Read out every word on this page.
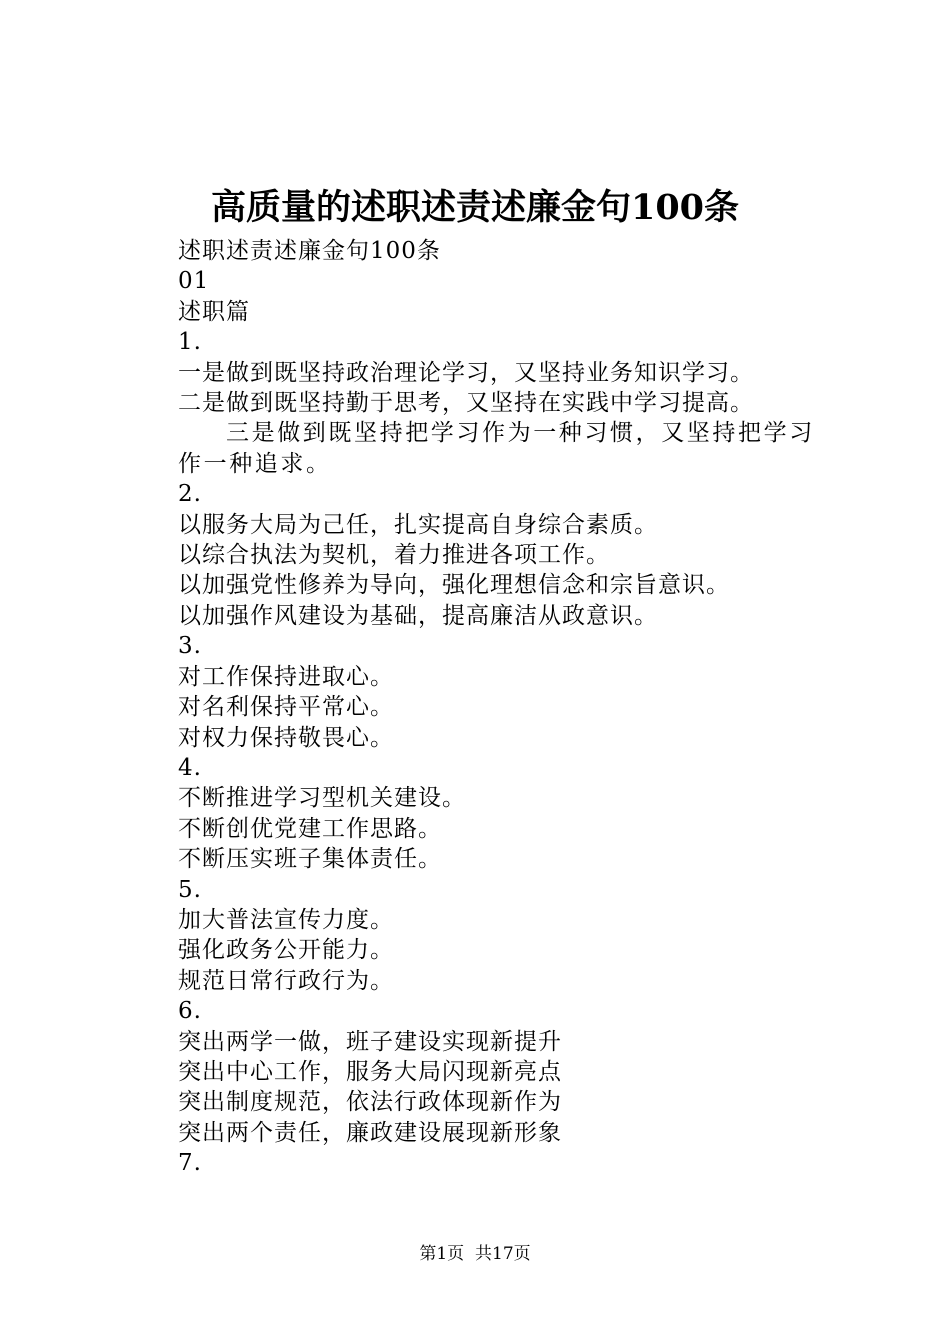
高质量的述职述责述廉金句100条
述职述责述廉金句100条
01
述职篇
1.
一是做到既坚持政治理论学习，又坚持业务知识学习。
二是做到既坚持勤于思考，又坚持在实践中学习提高。
三是做到既坚持把学习作为一种习惯，又坚持把学习作一种追求。
2.
以服务大局为己任，扎实提高自身综合素质。
以综合执法为契机，着力推进各项工作。
以加强党性修养为导向，强化理想信念和宗旨意识。
以加强作风建设为基础，提高廉洁从政意识。
3.
对工作保持进取心。
对名利保持平常心。
对权力保持敬畏心。
4.
不断推进学习型机关建设。
不断创优党建工作思路。
不断压实班子集体责任。
5.
加大普法宣传力度。
强化政务公开能力。
规范日常行政行为。
6.
突出两学一做，班子建设实现新提升
突出中心工作，服务大局闪现新亮点
突出制度规范，依法行政体现新作为
突出两个责任，廉政建设展现新形象
7.
第1页 共17页
